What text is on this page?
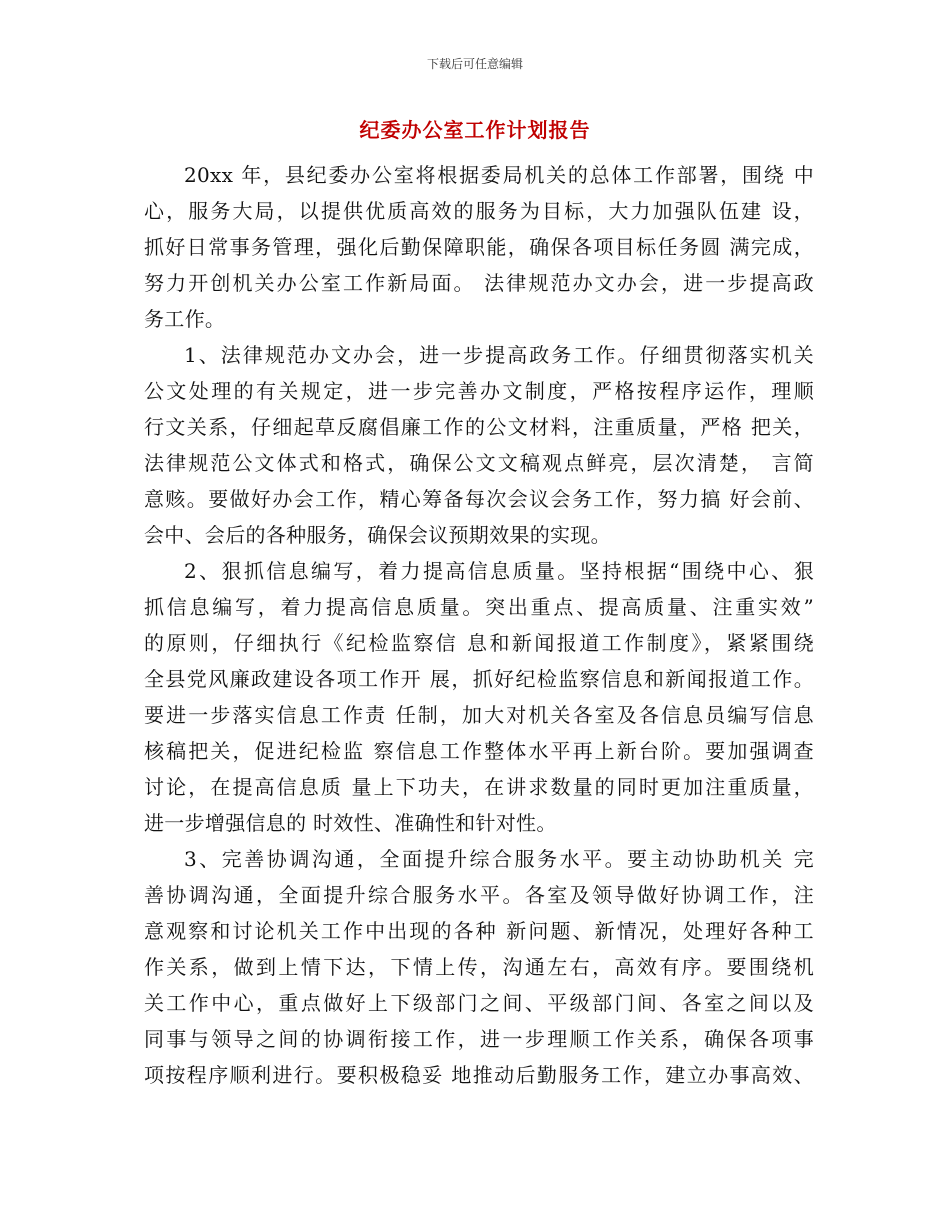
下载后可任意编辑
纪委办公室工作计划报告
20xx 年，县纪委办公室将根据委局机关的总体工作部署，围绕 中
心，服务大局，以提供优质高效的服务为目标，大力加强队伍建 设，
抓好日常事务管理，强化后勤保障职能，确保各项目标任务圆 满完成，
努力开创机关办公室工作新局面。 法律规范办文办会，进一步提高政
务工作。
1、法律规范办文办会，进一步提高政务工作。仔细贯彻落实机关
公文处理的有关规定，进一步完善办文制度，严格按程序运作，理顺
行文关系，仔细起草反腐倡廉工作的公文材料，注重质量，严格 把关，
法律规范公文体式和格式，确保公文文稿观点鲜亮，层次清楚， 言简
意赅。要做好办会工作，精心筹备每次会议会务工作，努力搞 好会前、
会中、会后的各种服务，确保会议预期效果的实现。
2、狠抓信息编写，着力提高信息质量。坚持根据“围绕中心、狠
抓信息编写，着力提高信息质量。突出重点、提高质量、注重实效”
的原则，仔细执行《纪检监察信 息和新闻报道工作制度》，紧紧围绕
全县党风廉政建设各项工作开 展，抓好纪检监察信息和新闻报道工作。
要进一步落实信息工作责 任制，加大对机关各室及各信息员编写信息
核稿把关，促进纪检监 察信息工作整体水平再上新台阶。要加强调查
讨论，在提高信息质 量上下功夫，在讲求数量的同时更加注重质量，
进一步增强信息的 时效性、准确性和针对性。
3、完善协调沟通，全面提升综合服务水平。要主动协助机关 完
善协调沟通，全面提升综合服务水平。各室及领导做好协调工作，注
意观察和讨论机关工作中出现的各种 新问题、新情况，处理好各种工
作关系，做到上情下达，下情上传，沟通左右，高效有序。要围绕机
关工作中心，重点做好上下级部门之间、平级部门间、各室之间以及
同事与领导之间的协调衔接工作，进一步理顺工作关系，确保各项事
项按程序顺利进行。要积极稳妥 地推动后勤服务工作，建立办事高效、
